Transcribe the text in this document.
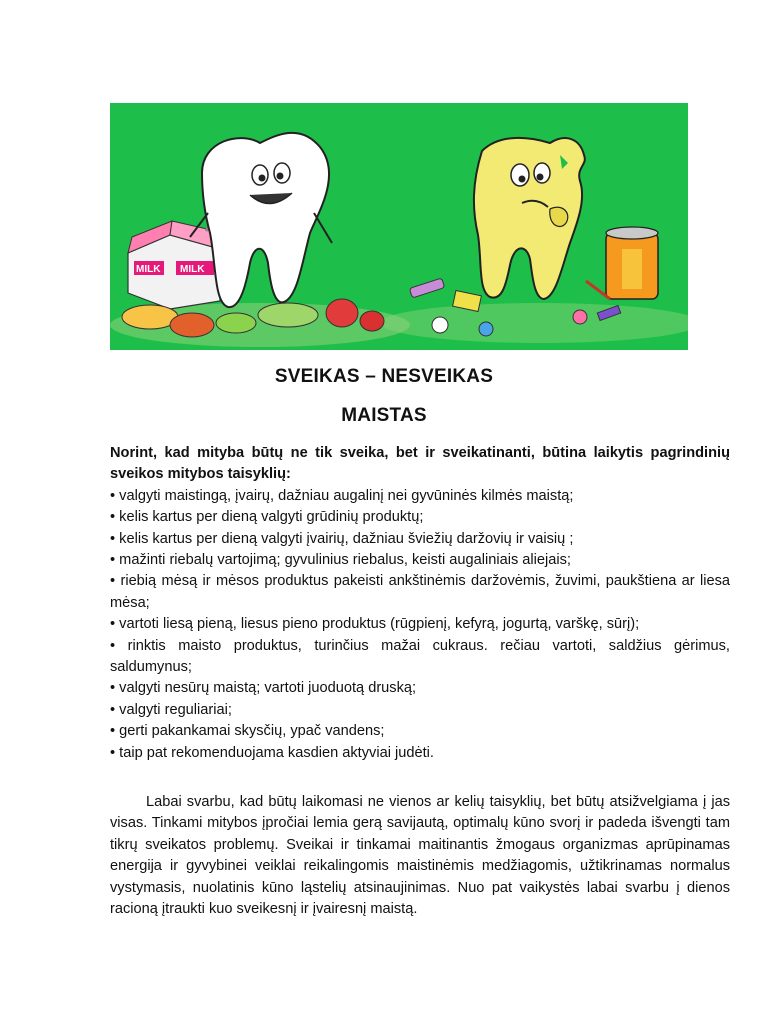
MILK MILK
SVEIKAS – NESVEIKAS
MAISTAS

Norint, kad mityba būtų ne tik sveika, bet ir sveikatinanti, būtina laikytis pagrindinių sveikos mitybos taisyklių:

• valgyti maistingą, įvairų, dažniau augalinį nei gyvūninės kilmės maistą;
• kelis kartus per dieną valgyti grūdinių produktų;
• kelis kartus per dieną valgyti įvairių, dažniau šviežių daržovių ir vaisių ;
• mažinti riebalų vartojimą; gyvulinius riebalus, keisti augaliniais aliejais;
• riebią mėsą ir mėsos produktus pakeisti ankštinėmis daržovėmis, žuvimi, paukštiena ar liesa mėsa;
• vartoti liesą pieną, liesus pieno produktus (rūgpienį, kefyrą, jogurtą, varškę, sūrį);
• rinktis maisto produktus, turinčius mažai cukraus. rečiau vartoti, saldžius gėrimus, saldumynus;
• valgyti nesūrų maistą; vartoti juoduotą druską;
• valgyti reguliariai;
• gerti pakankamai skysčių, ypač vandens;
• taip pat rekomenduojama kasdien aktyviai judėti.

Labai svarbu, kad būtų laikomasi ne vienos ar kelių taisyklių, bet būtų atsižvelgiama į jas visas. Tinkami mitybos įpročiai lemia gerą savijautą, optimalų kūno svorį ir padeda išvengti tam tikrų sveikatos problemų. Sveikai ir tinkamai maitinantis žmogaus organizmas aprūpinamas energija ir gyvybinei veiklai reikalingomis maistinėmis medžiagomis, užtikrinamas normalus vystymasis, nuolatinis kūno ląstelių atsinaujinimas. Nuo pat vaikystės labai svarbu į dienos racioną įtraukti kuo sveikesnį ir įvairesnį maistą.
